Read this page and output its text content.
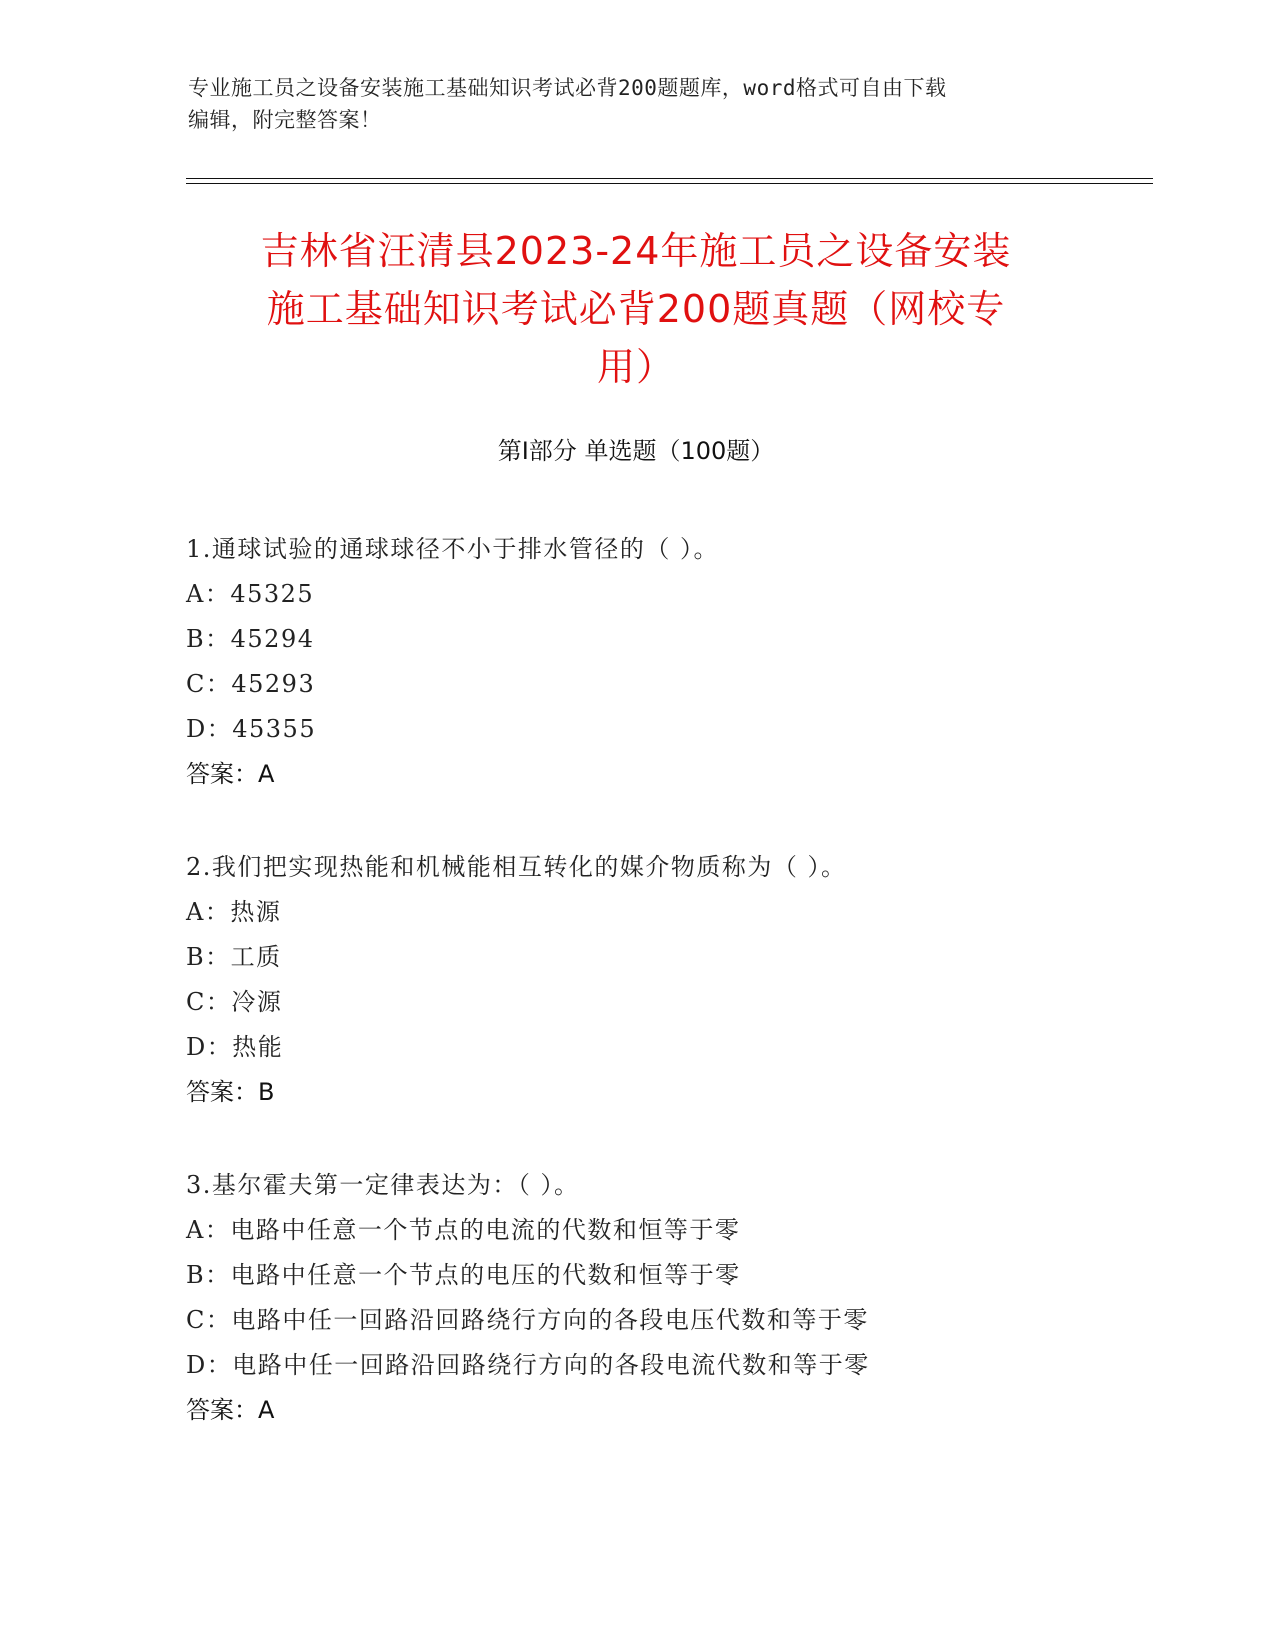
专业施工员之设备安装施工基础知识考试必背200题题库，word格式可自由下载
编辑，附完整答案！
吉林省汪清县2023-24年施工员之设备安装
施工基础知识考试必背200题真题（网校专
用）
第Ⅰ部分 单选题（100题）
1.通球试验的通球球径不小于排水管径的（ ）。
A：45325
B：45294
C：45293
D：45355
答案：A
2.我们把实现热能和机械能相互转化的媒介物质称为（ ）。
A：热源
B：工质
C：冷源
D：热能
答案：B
3.基尔霍夫第一定律表达为：（ ）。
A：电路中任意一个节点的电流的代数和恒等于零
B：电路中任意一个节点的电压的代数和恒等于零
C：电路中任一回路沿回路绕行方向的各段电压代数和等于零
D：电路中任一回路沿回路绕行方向的各段电流代数和等于零
答案：A
